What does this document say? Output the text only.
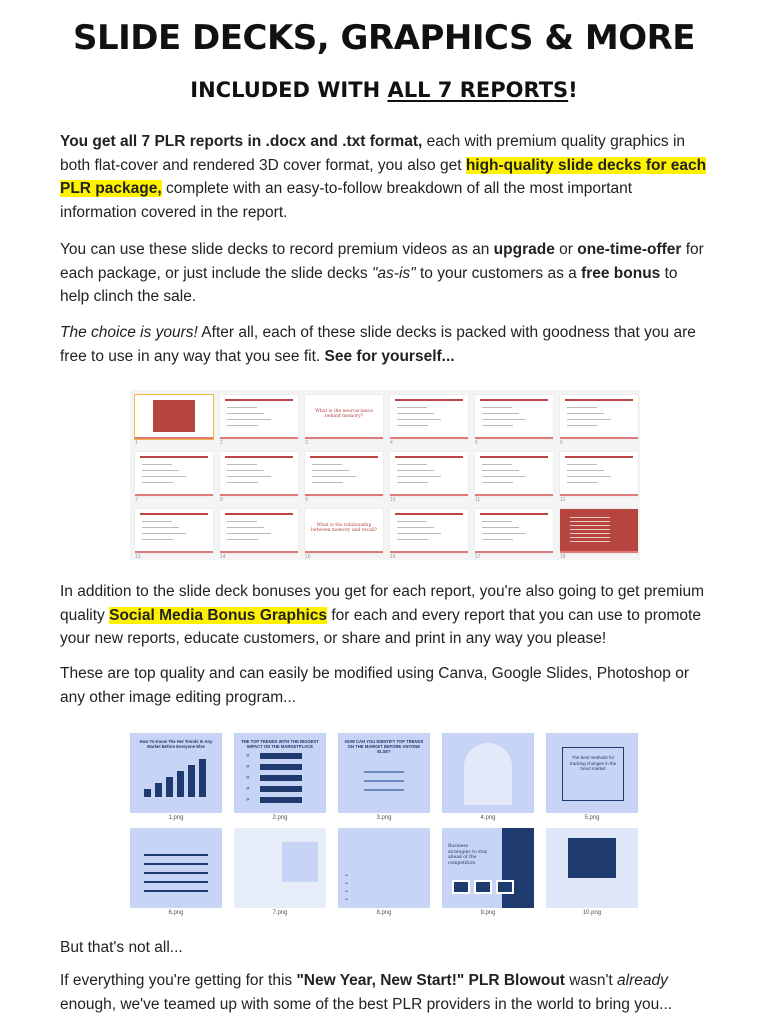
SLIDE DECKS, GRAPHICS & MORE
INCLUDED WITH ALL 7 REPORTS!

You get all 7 PLR reports in .docx and .txt format, each with premium quality graphics in both flat-cover and rendered 3D cover format, you also get high-quality slide decks for each PLR package, complete with an easy-to-follow breakdown of all the most important information covered in the report.

You can use these slide decks to record premium videos as an upgrade or one-time-offer for each package, or just include the slide decks "as-is" to your customers as a free bonus to help clinch the sale.

The choice is yours! After all, each of these slide decks is packed with goodness that you are free to use in any way that you see fit. See for yourself...

1	2
What is the neuroscience behind memory?
3	4	5	6
7	8	9	10	11	12
13	14
What is the relationship between memory and recall?
15	16	17	18

In addition to the slide deck bonuses you get for each report, you're also going to get premium quality Social Media Bonus Graphics for each and every report that you can use to promote your new reports, educate customers, or share and print in any way you please!

These are top quality and can easily be modified using Canva, Google Slides, Photoshop or any other image editing program...

How To Know The Hot Trends In Any Market Before Everyone Else
1.png
THE TOP TRENDS WITH THE BIGGEST IMPACT ON THE MARKETPLACE
»
»
»
»
»
2.png
HOW CAN YOU IDENTIFY TOP TRENDS ON THE MARKET BEFORE ANYONE ELSE?
3.png	4.png
The best methods for tracking changes in the trend market
5.png
6.png	7.png
⌄
⌄
⌄
⌄
8.png
Business strategies to stay ahead of the competition
9.png	10.png

But that's not all...

If everything you're getting for this "New Year, New Start!" PLR Blowout wasn't already enough, we've teamed up with some of the best PLR providers in the world to bring you...
